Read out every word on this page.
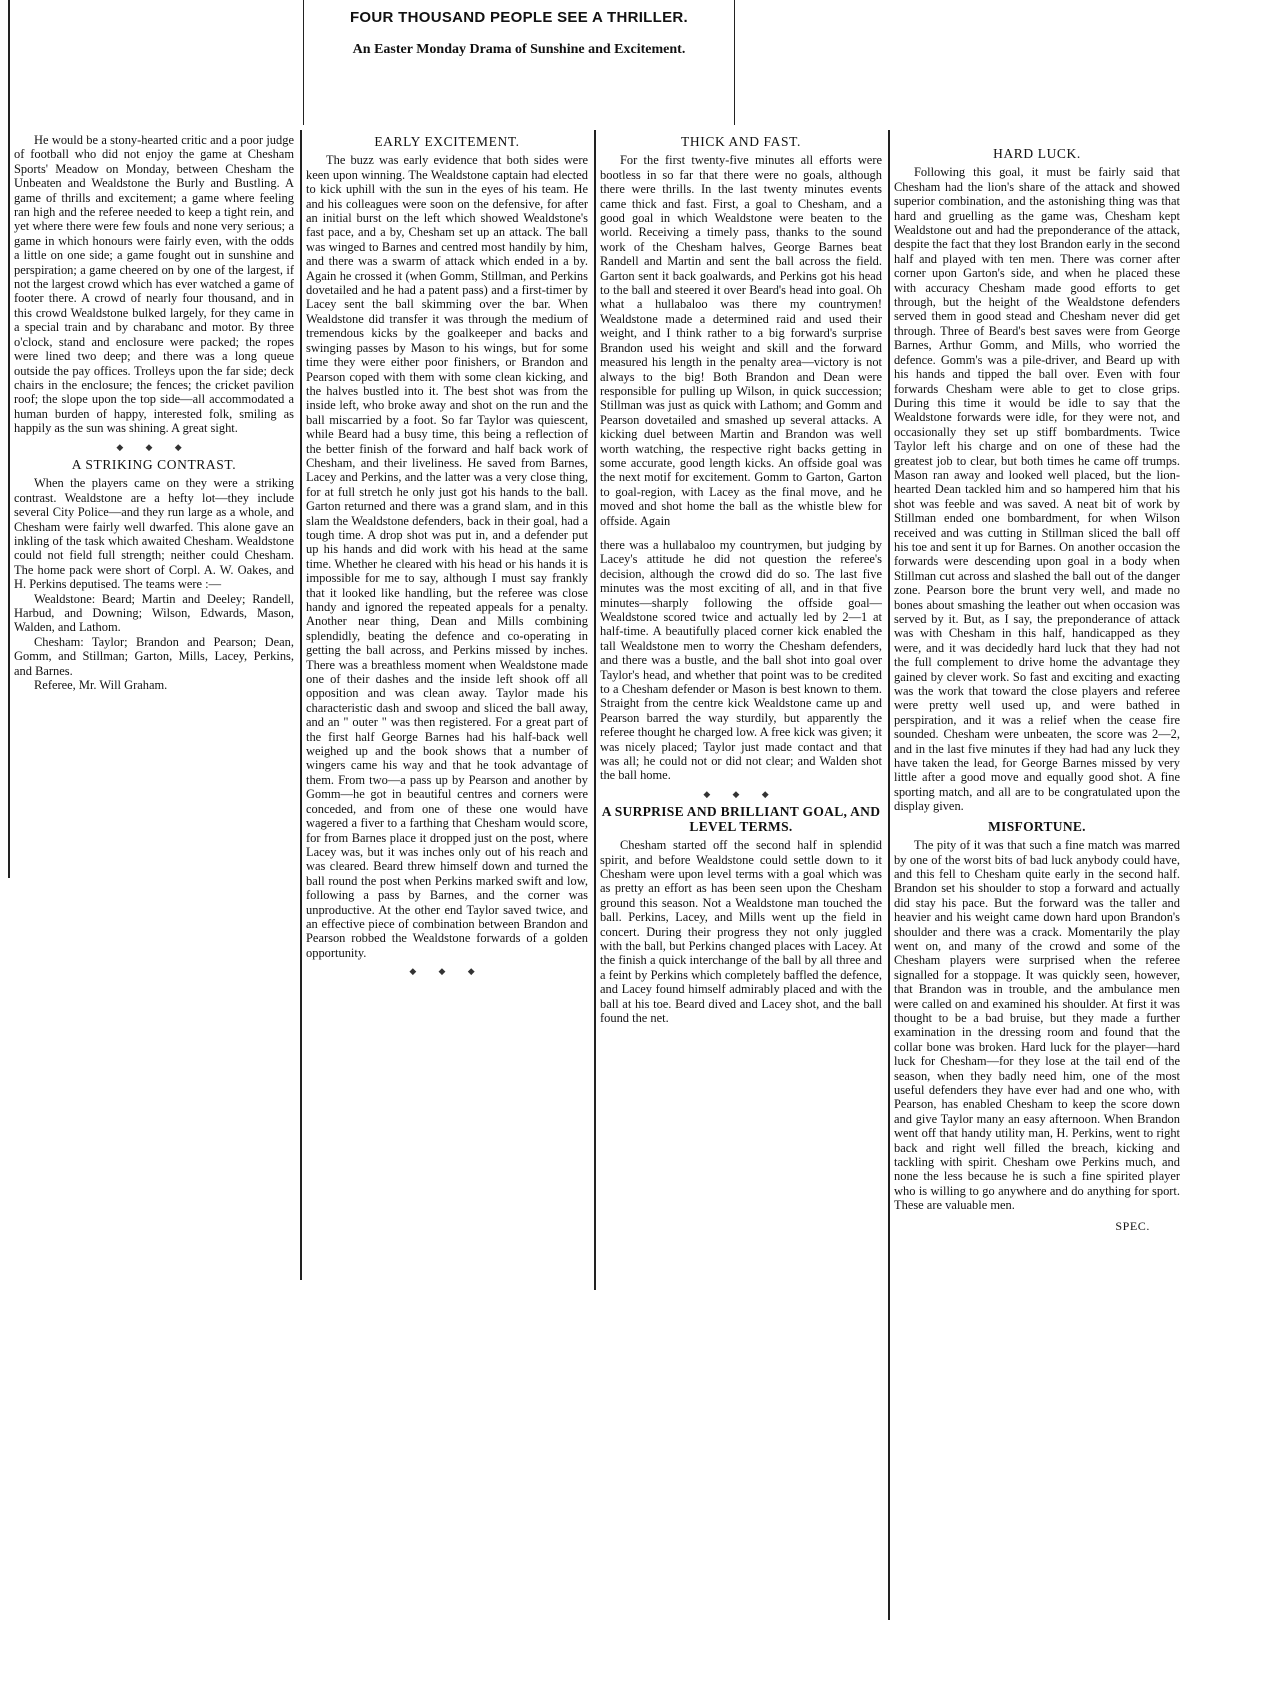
FOUR THOUSAND PEOPLE SEE A THRILLER.
An Easter Monday Drama of Sunshine and Excitement.

He would be a stony-hearted critic and a poor judge of football who did not enjoy the game at Chesham Sports' Meadow on Monday, between Chesham the Unbeaten and Wealdstone the Burly and Bustling. A game of thrills and excitement; a game where feeling ran high and the referee needed to keep a tight rein, and yet where there were few fouls and none very serious; a game in which honours were fairly even, with the odds a little on one side; a game fought out in sunshine and perspiration; a game cheered on by one of the largest, if not the largest crowd which has ever watched a game of footer there. A crowd of nearly four thousand, and in this crowd Wealdstone bulked largely, for they came in a special train and by charabanc and motor. By three o'clock, stand and enclosure were packed; the ropes were lined two deep; and there was a long queue outside the pay offices. Trolleys upon the far side; deck chairs in the enclosure; the fences; the cricket pavilion roof; the slope upon the top side—all accommodated a human burden of happy, interested folk, smiling as happily as the sun was shining. A great sight.

◆ ◆ ◆
A STRIKING CONTRAST.

When the players came on they were a striking contrast. Wealdstone are a hefty lot—they include several City Police—and they run large as a whole, and Chesham were fairly well dwarfed. This alone gave an inkling of the task which awaited Chesham. Wealdstone could not field full strength; neither could Chesham. The home pack were short of Corpl. A. W. Oakes, and H. Perkins deputised. The teams were :—

Wealdstone: Beard; Martin and Deeley; Randell, Harbud, and Downing; Wilson, Edwards, Mason, Walden, and Lathom.

Chesham: Taylor; Brandon and Pearson; Dean, Gomm, and Stillman; Garton, Mills, Lacey, Perkins, and Barnes.

Referee, Mr. Will Graham.

EARLY EXCITEMENT.

The buzz was early evidence that both sides were keen upon winning. The Wealdstone captain had elected to kick uphill with the sun in the eyes of his team. He and his colleagues were soon on the defensive, for after an initial burst on the left which showed Wealdstone's fast pace, and a by, Chesham set up an attack. The ball was winged to Barnes and centred most handily by him, and there was a swarm of attack which ended in a by. Again he crossed it (when Gomm, Stillman, and Perkins dovetailed and he had a patent pass) and a first-timer by Lacey sent the ball skimming over the bar. When Wealdstone did transfer it was through the medium of tremendous kicks by the goalkeeper and backs and swinging passes by Mason to his wings, but for some time they were either poor finishers, or Brandon and Pearson coped with them with some clean kicking, and the halves bustled into it. The best shot was from the inside left, who broke away and shot on the run and the ball miscarried by a foot. So far Taylor was quiescent, while Beard had a busy time, this being a reflection of the better finish of the forward and half back work of Chesham, and their liveliness. He saved from Barnes, Lacey and Perkins, and the latter was a very close thing, for at full stretch he only just got his hands to the ball. Garton returned and there was a grand slam, and in this slam the Wealdstone defenders, back in their goal, had a tough time. A drop shot was put in, and a defender put up his hands and did work with his head at the same time. Whether he cleared with his head or his hands it is impossible for me to say, although I must say frankly that it looked like handling, but the referee was close handy and ignored the repeated appeals for a penalty. Another near thing, Dean and Mills combining splendidly, beating the defence and co-operating in getting the ball across, and Perkins missed by inches. There was a breathless moment when Wealdstone made one of their dashes and the inside left shook off all opposition and was clean away. Taylor made his characteristic dash and swoop and sliced the ball away, and an " outer " was then registered. For a great part of the first half George Barnes had his half-back well weighed up and the book shows that a number of wingers came his way and that he took advantage of them. From two—a pass up by Pearson and another by Gomm—he got in beautiful centres and corners were conceded, and from one of these one would have wagered a fiver to a farthing that Chesham would score, for from Barnes place it dropped just on the post, where Lacey was, but it was inches only out of his reach and was cleared. Beard threw himself down and turned the ball round the post when Perkins marked swift and low, following a pass by Barnes, and the corner was unproductive. At the other end Taylor saved twice, and an effective piece of combination between Brandon and Pearson robbed the Wealdstone forwards of a golden opportunity.

◆ ◆ ◆
THICK AND FAST.

For the first twenty-five minutes all efforts were bootless in so far that there were no goals, although there were thrills. In the last twenty minutes events came thick and fast. First, a goal to Chesham, and a good goal in which Wealdstone were beaten to the world. Receiving a timely pass, thanks to the sound work of the Chesham halves, George Barnes beat Randell and Martin and sent the ball across the field. Garton sent it back goalwards, and Perkins got his head to the ball and steered it over Beard's head into goal. Oh what a hullabaloo was there my countrymen! Wealdstone made a determined raid and used their weight, and I think rather to a big forward's surprise Brandon used his weight and skill and the forward measured his length in the penalty area—victory is not always to the big! Both Brandon and Dean were responsible for pulling up Wilson, in quick succession; Stillman was just as quick with Lathom; and Gomm and Pearson dovetailed and smashed up several attacks. A kicking duel between Martin and Brandon was well worth watching, the respective right backs getting in some accurate, good length kicks. An offside goal was the next motif for excitement. Gomm to Garton, Garton to goal-region, with Lacey as the final move, and he moved and shot home the ball as the whistle blew for offside. Again

there was a hullabaloo my countrymen, but judging by Lacey's attitude he did not question the referee's decision, although the crowd did do so. The last five minutes was the most exciting of all, and in that five minutes—sharply following the offside goal—Wealdstone scored twice and actually led by 2—1 at half-time. A beautifully placed corner kick enabled the tall Wealdstone men to worry the Chesham defenders, and there was a bustle, and the ball shot into goal over Taylor's head, and whether that point was to be credited to a Chesham defender or Mason is best known to them. Straight from the centre kick Wealdstone came up and Pearson barred the way sturdily, but apparently the referee thought he charged low. A free kick was given; it was nicely placed; Taylor just made contact and that was all; he could not or did not clear; and Walden shot the ball home.

◆ ◆ ◆
A SURPRISE AND BRILLIANT GOAL, AND LEVEL TERMS.

Chesham started off the second half in splendid spirit, and before Wealdstone could settle down to it Chesham were upon level terms with a goal which was as pretty an effort as has been seen upon the Chesham ground this season. Not a Wealdstone man touched the ball. Perkins, Lacey, and Mills went up the field in concert. During their progress they not only juggled with the ball, but Perkins changed places with Lacey. At the finish a quick interchange of the ball by all three and a feint by Perkins which completely baffled the defence, and Lacey found himself admirably placed and with the ball at his toe. Beard dived and Lacey shot, and the ball found the net.

HARD LUCK.

Following this goal, it must be fairly said that Chesham had the lion's share of the attack and showed superior combination, and the astonishing thing was that hard and gruelling as the game was, Chesham kept Wealdstone out and had the preponderance of the attack, despite the fact that they lost Brandon early in the second half and played with ten men. There was corner after corner upon Garton's side, and when he placed these with accuracy Chesham made good efforts to get through, but the height of the Wealdstone defenders served them in good stead and Chesham never did get through. Three of Beard's best saves were from George Barnes, Arthur Gomm, and Mills, who worried the defence. Gomm's was a pile-driver, and Beard up with his hands and tipped the ball over. Even with four forwards Chesham were able to get to close grips. During this time it would be idle to say that the Wealdstone forwards were idle, for they were not, and occasionally they set up stiff bombardments. Twice Taylor left his charge and on one of these had the greatest job to clear, but both times he came off trumps. Mason ran away and looked well placed, but the lion-hearted Dean tackled him and so hampered him that his shot was feeble and was saved. A neat bit of work by Stillman ended one bombardment, for when Wilson received and was cutting in Stillman sliced the ball off his toe and sent it up for Barnes. On another occasion the forwards were descending upon goal in a body when Stillman cut across and slashed the ball out of the danger zone. Pearson bore the brunt very well, and made no bones about smashing the leather out when occasion was served by it. But, as I say, the preponderance of attack was with Chesham in this half, handicapped as they were, and it was decidedly hard luck that they had not the full complement to drive home the advantage they gained by clever work. So fast and exciting and exacting was the work that toward the close players and referee were pretty well used up, and were bathed in perspiration, and it was a relief when the cease fire sounded. Chesham were unbeaten, the score was 2—2, and in the last five minutes if they had had any luck they have taken the lead, for George Barnes missed by very little after a good move and equally good shot. A fine sporting match, and all are to be congratulated upon the display given.

MISFORTUNE.

The pity of it was that such a fine match was marred by one of the worst bits of bad luck anybody could have, and this fell to Chesham quite early in the second half. Brandon set his shoulder to stop a forward and actually did stay his pace. But the forward was the taller and heavier and his weight came down hard upon Brandon's shoulder and there was a crack. Momentarily the play went on, and many of the crowd and some of the Chesham players were surprised when the referee signalled for a stoppage. It was quickly seen, however, that Brandon was in trouble, and the ambulance men were called on and examined his shoulder. At first it was thought to be a bad bruise, but they made a further examination in the dressing room and found that the collar bone was broken. Hard luck for the player—hard luck for Chesham—for they lose at the tail end of the season, when they badly need him, one of the most useful defenders they have ever had and one who, with Pearson, has enabled Chesham to keep the score down and give Taylor many an easy afternoon. When Brandon went off that handy utility man, H. Perkins, went to right back and right well filled the breach, kicking and tackling with spirit. Chesham owe Perkins much, and none the less because he is such a fine spirited player who is willing to go anywhere and do anything for sport. These are valuable men.

SPEC.
